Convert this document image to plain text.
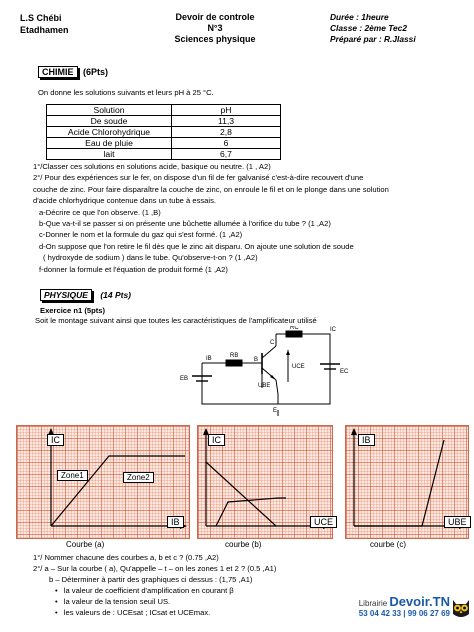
L.S Chébi
Etadhamen
Devoir de controle
N°3
Sciences physique
Durée : 1heure
Classe : 2ème Tec2
Préparé par : R.Jlassi
CHIMIE (6Pts)
On donne les solutions suivants et leurs pH à 25 °C.
Solution	pH
De soude	11,3
Acide Chlorohydrique	2,8
Eau de pluie	6
lait	6,7
1°/Classer ces solutions en solutions acide, basique ou neutre. (1 , A2)
2°/ Pour des expériences sur le fer, on dispose d'un fil de fer galvanisé c'est-à-dire recouvert d'une
couche de zinc. Pour faire disparaître la couche de zinc, on enroule le fil et on le plonge dans une solution
d'acide chlorhydrique contenue dans un tube à essais.
a-Décrire ce que l'on observe. (1 ,B)
b-Que va-t-il se passer si on présente une bûchette allumée à l'orifice du tube ? (1 ,A2)
c-Donner le nom et la formule du gaz qui s'est formé. (1 ,A2)
d-On suppose que l'on retire le fil dès que le zinc ait disparu. On ajoute une solution de soude
( hydroxyde de sodium ) dans le tube. Qu'observe-t-on ? (1 ,A2)
f-donner la formule et l'équation de produit formé (1 ,A2)
PHYSIQUE (14 Pts)
Exercice n1 (5pts)
Soit le montage suivant ainsi que toutes les caractéristiques de l'amplificateur utilisé
RB
RC
IB
IC
EB
EC
UCE
UBE
B
C
E
IC
IB
Zone1	Zone2
Courbe (a)
IC
UCE
courbe (b)
IB
UBE
courbe (c)
1°/ Nommer chacune des courbes a, b et c ? (0.75 ,A2)
2°/ a – Sur la courbe ( a), Qu'appelle – t – on les zones 1 et 2 ? (0.5 ,A1)
b – Déterminer à partir des graphiques ci dessus : (1,75 ,A1)
• la valeur de coefficient d'amplification en courant β
• la valeur de la tension seuil US.
• les valeurs de : UCEsat ; ICsat et UCEmax.
Librairie Devoir.TN
53 04 42 33 | 99 06 27 69
